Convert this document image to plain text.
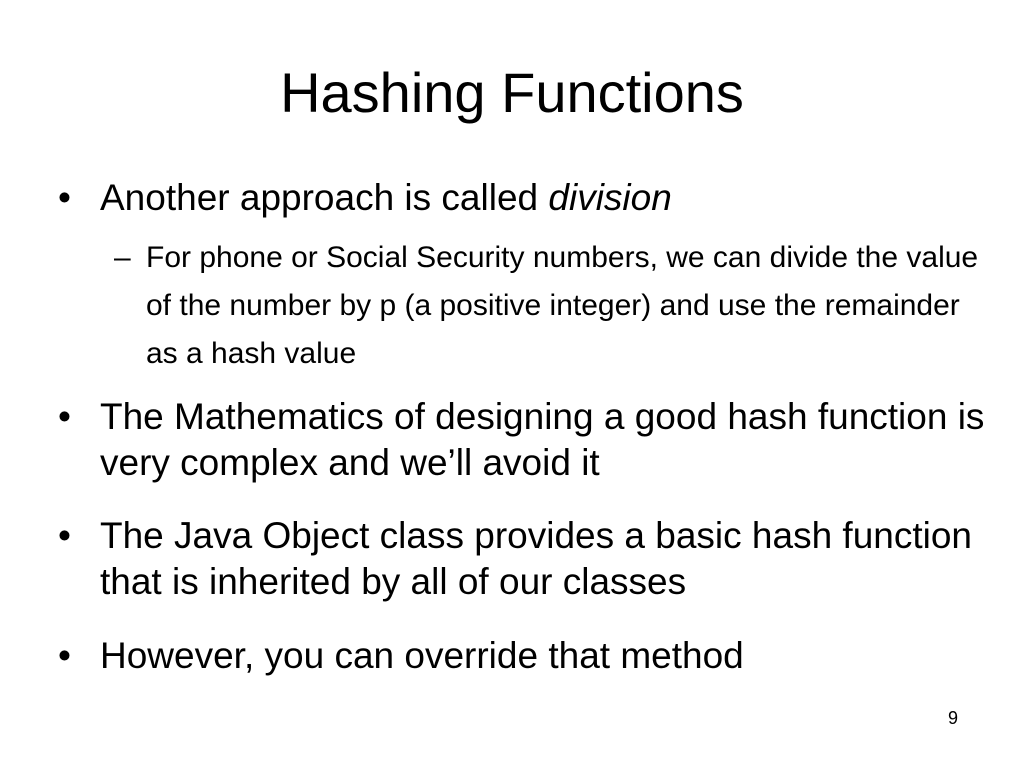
Hashing Functions
• Another approach is called division
– For phone or Social Security numbers, we can divide the value of the number by p (a positive integer) and use the remainder as a hash value
• The Mathematics of designing a good hash function is very complex and we’ll avoid it
• The Java Object class provides a basic hash function that is inherited by all of our classes
• However, you can override that method
9
